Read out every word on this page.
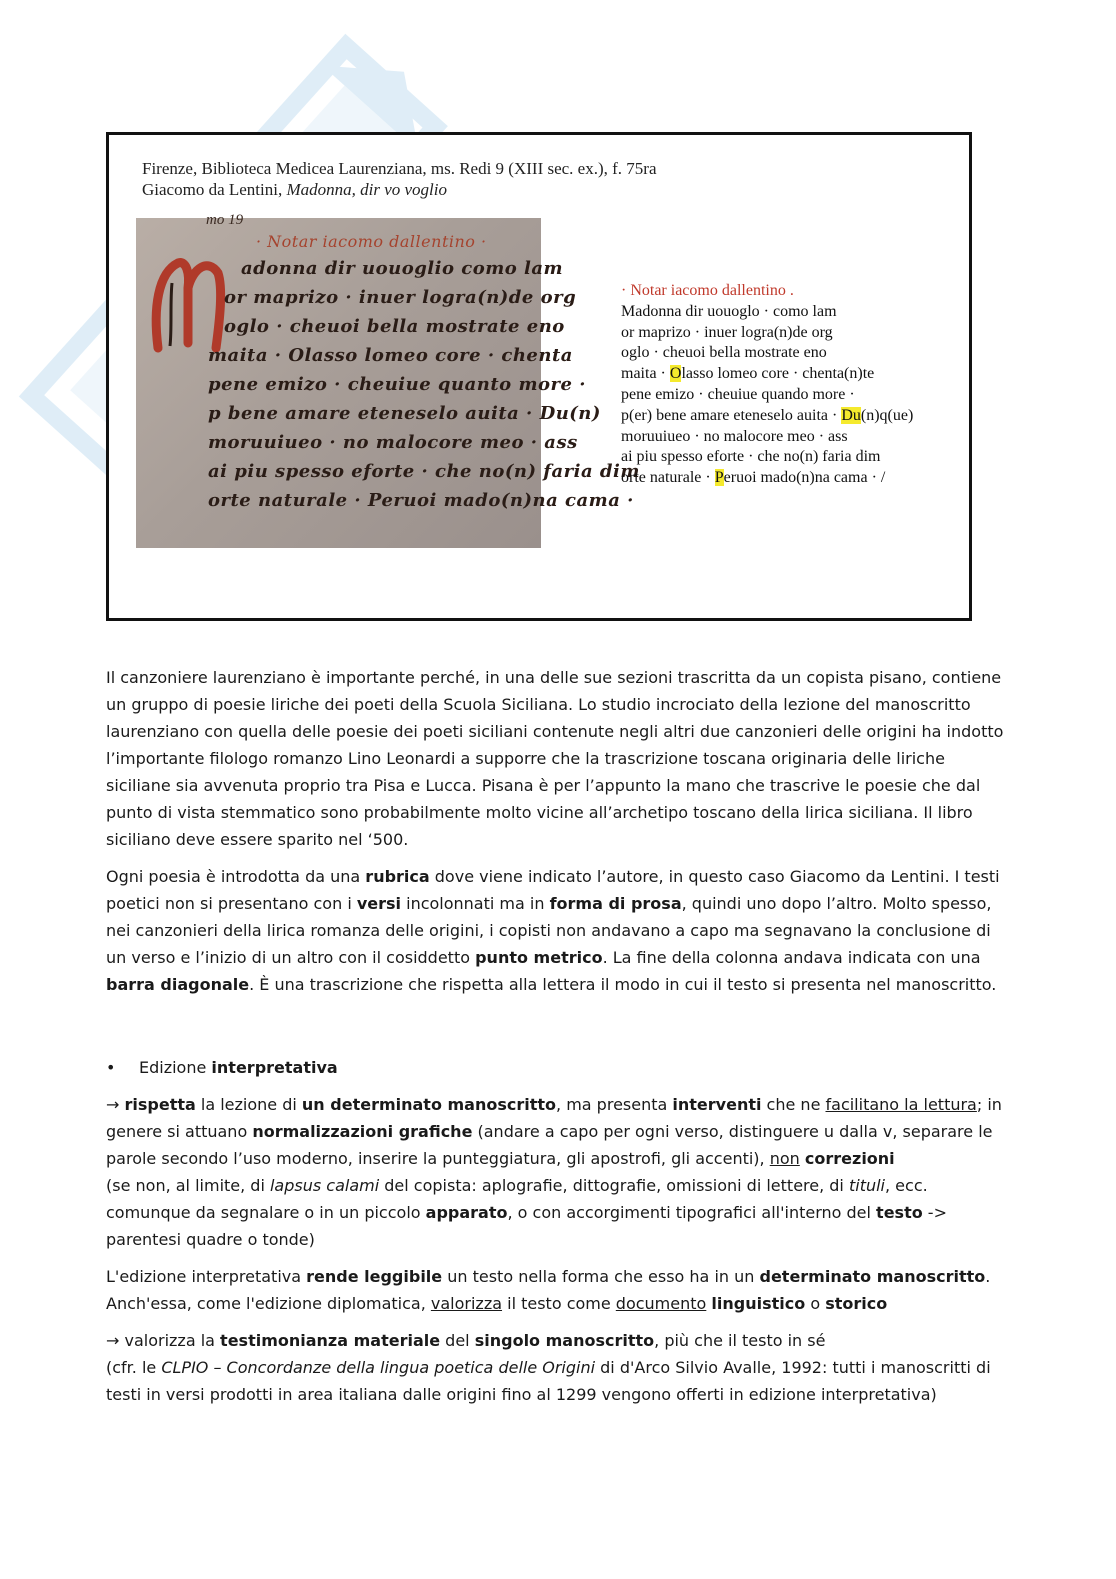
Firenze, Biblioteca Medicea Laurenziana, ms. Redi 9 (XIII sec. ex.), f. 75ra
Giacomo da Lentini, Madonna, dir vo voglio
mo 19
· Notar iacomo dallentino ·
adonna dir uouoglio como lam
or maprizo · inuer logra(n)de org
oglo · cheuoi bella mostrate eno
maita · Olasso lomeo core · chenta
pene emizo · cheuiue quanto more ·
p bene amare eteneselo auita · Du(n)
moruuiueo · no malocore meo · ass
ai piu spesso eforte · che no(n) faria dim
orte naturale · Peruoi mado(n)na cama ·
· Notar iacomo dallentino .
Madonna dir uouoglo · como lam
or maprizo · inuer logra(n)de org
oglo · cheuoi bella mostrate eno
maita · Olasso lomeo core · chenta(n)te
pene emizo · cheuiue quando more ·
p(er) bene amare eteneselo auita · Du(n)q(ue)
moruuiueo · no malocore meo · ass
ai piu spesso eforte · che no(n) faria dim
orte naturale · Peruoi mado(n)na cama · /

Il canzoniere laurenziano è importante perché, in una delle sue sezioni trascritta da un copista pisano, contiene un gruppo di poesie liriche dei poeti della Scuola Siciliana. Lo studio incrociato della lezione del manoscritto laurenziano con quella delle poesie dei poeti siciliani contenute negli altri due canzonieri delle origini ha indotto l’importante filologo romanzo Lino Leonardi a supporre che la trascrizione toscana originaria delle liriche siciliane sia avvenuta proprio tra Pisa e Lucca. Pisana è per l’appunto la mano che trascrive le poesie che dal punto di vista stemmatico sono probabilmente molto vicine all’archetipo toscano della lirica siciliana. Il libro siciliano deve essere sparito nel ‘500.

Ogni poesia è introdotta da una rubrica dove viene indicato l’autore, in questo caso Giacomo da Lentini. I testi poetici non si presentano con i versi incolonnati ma in forma di prosa, quindi uno dopo l’altro. Molto spesso, nei canzonieri della lirica romanza delle origini, i copisti non andavano a capo ma segnavano la conclusione di un verso e l’inizio di un altro con il cosiddetto punto metrico. La fine della colonna andava indicata con una barra diagonale. È una trascrizione che rispetta alla lettera il modo in cui il testo si presenta nel manoscritto.

• Edizione interpretativa

→ rispetta la lezione di un determinato manoscritto, ma presenta interventi che ne facilitano la lettura; in genere si attuano normalizzazioni grafiche (andare a capo per ogni verso, distinguere u dalla v, separare le parole secondo l’uso moderno, inserire la punteggiatura, gli apostrofi, gli accenti), non correzioni
(se non, al limite, di lapsus calami del copista: aplografie, dittografie, omissioni di lettere, di tituli, ecc. comunque da segnalare o in un piccolo apparato, o con accorgimenti tipografici all'interno del testo -> parentesi quadre o tonde)

L'edizione interpretativa rende leggibile un testo nella forma che esso ha in un determinato manoscritto. Anch'essa, come l'edizione diplomatica, valorizza il testo come documento linguistico o storico

→ valorizza la testimonianza materiale del singolo manoscritto, più che il testo in sé
(cfr. le CLPIO – Concordanze della lingua poetica delle Origini di d'Arco Silvio Avalle, 1992: tutti i manoscritti di testi in versi prodotti in area italiana dalle origini fino al 1299 vengono offerti in edizione interpretativa)
